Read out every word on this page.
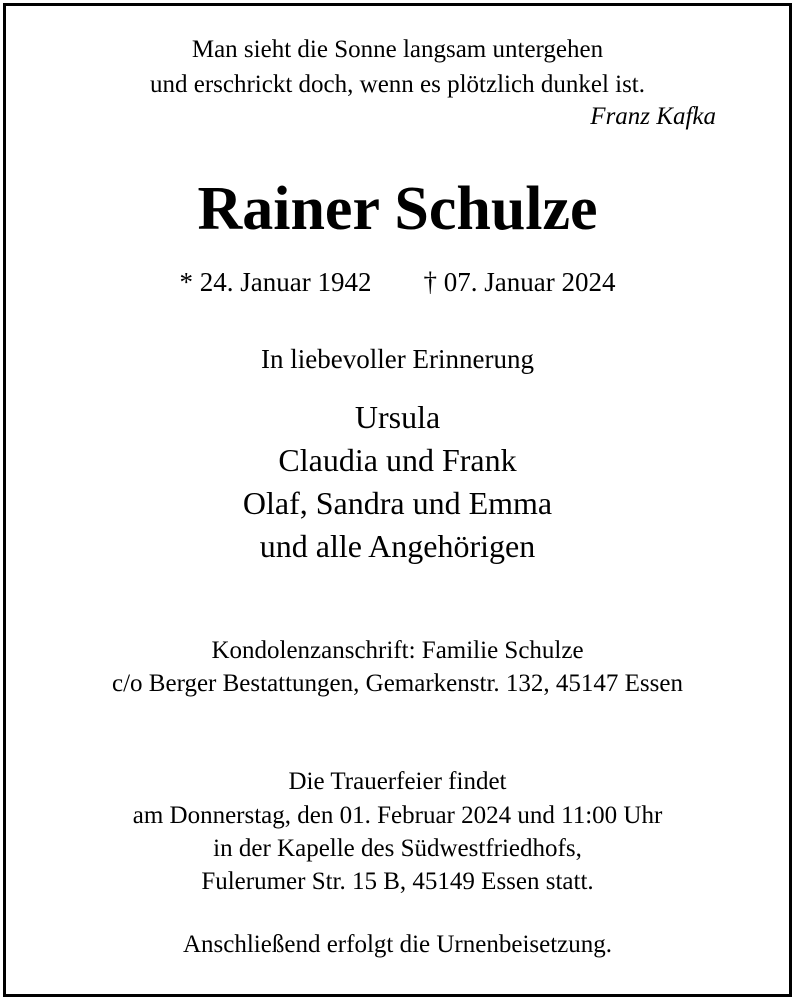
Man sieht die Sonne langsam untergehen
und erschrickt doch, wenn es plötzlich dunkel ist.
Franz Kafka
Rainer Schulze
* 24. Januar 1942 † 07. Januar 2024
In liebevoller Erinnerung
Ursula
Claudia und Frank
Olaf, Sandra und Emma
und alle Angehörigen
Kondolenzanschrift: Familie Schulze
c/o Berger Bestattungen, Gemarkenstr. 132, 45147 Essen
Die Trauerfeier findet
am Donnerstag, den 01. Februar 2024 und 11:00 Uhr
in der Kapelle des Südwestfriedhofs,
Fulerumer Str. 15 B, 45149 Essen statt.
Anschließend erfolgt die Urnenbeisetzung.
